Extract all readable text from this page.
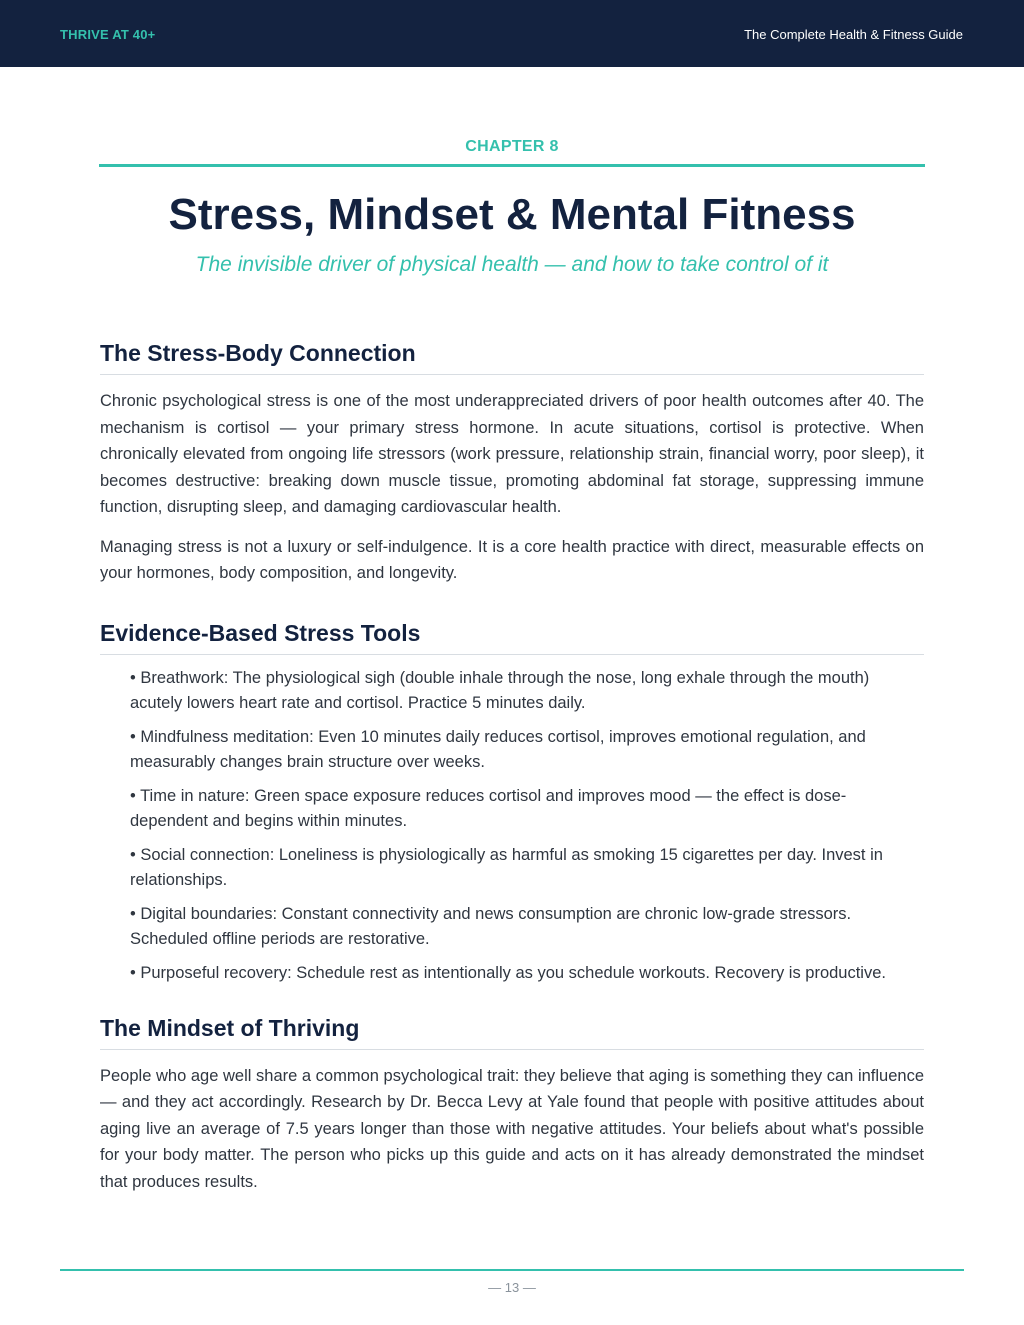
THRIVE AT 40+	The Complete Health & Fitness Guide
CHAPTER 8
Stress, Mindset & Mental Fitness
The invisible driver of physical health — and how to take control of it
The Stress-Body Connection

Chronic psychological stress is one of the most underappreciated drivers of poor health outcomes after 40. The mechanism is cortisol — your primary stress hormone. In acute situations, cortisol is protective. When chronically elevated from ongoing life stressors (work pressure, relationship strain, financial worry, poor sleep), it becomes destructive: breaking down muscle tissue, promoting abdominal fat storage, suppressing immune function, disrupting sleep, and damaging cardiovascular health.

Managing stress is not a luxury or self-indulgence. It is a core health practice with direct, measurable effects on your hormones, body composition, and longevity.

Evidence-Based Stress Tools
• Breathwork: The physiological sigh (double inhale through the nose, long exhale through the mouth) acutely lowers heart rate and cortisol. Practice 5 minutes daily.
• Mindfulness meditation: Even 10 minutes daily reduces cortisol, improves emotional regulation, and measurably changes brain structure over weeks.
• Time in nature: Green space exposure reduces cortisol and improves mood — the effect is dose-dependent and begins within minutes.
• Social connection: Loneliness is physiologically as harmful as smoking 15 cigarettes per day. Invest in relationships.
• Digital boundaries: Constant connectivity and news consumption are chronic low-grade stressors. Scheduled offline periods are restorative.
• Purposeful recovery: Schedule rest as intentionally as you schedule workouts. Recovery is productive.
The Mindset of Thriving

People who age well share a common psychological trait: they believe that aging is something they can influence — and they act accordingly. Research by Dr. Becca Levy at Yale found that people with positive attitudes about aging live an average of 7.5 years longer than those with negative attitudes. Your beliefs about what's possible for your body matter. The person who picks up this guide and acts on it has already demonstrated the mindset that produces results.

— 13 —
